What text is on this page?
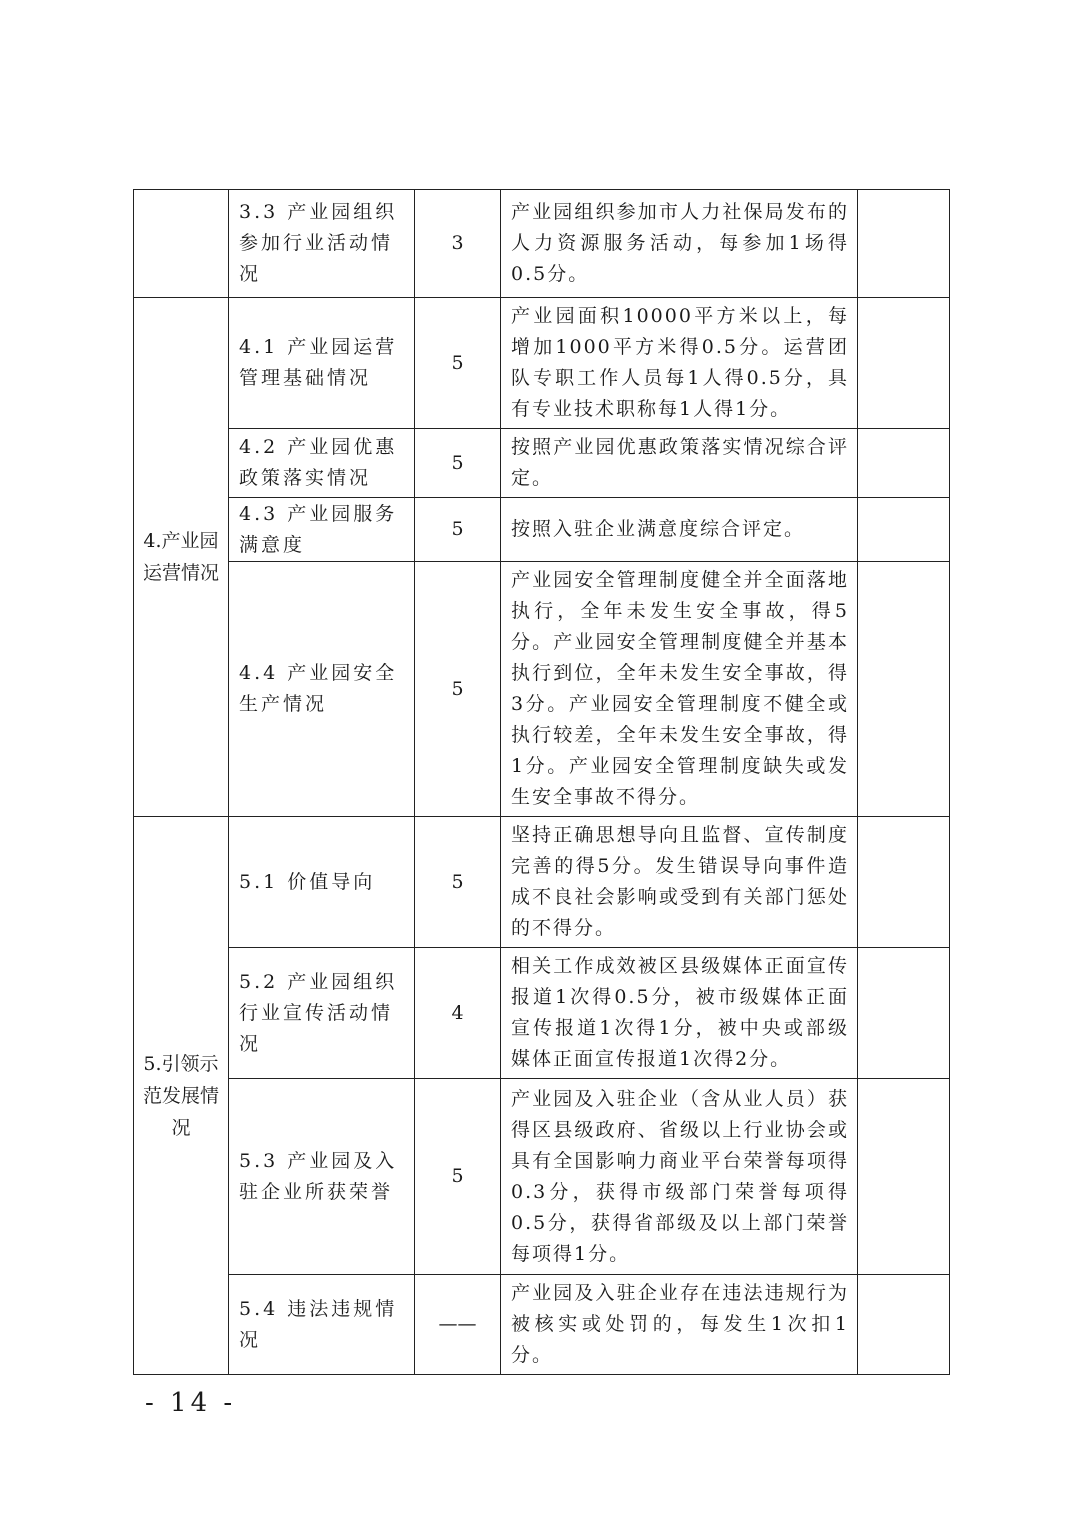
	3.3 产业园组织参加行业活动情况	3	产业园组织参加市人力社保局发布的人力资源服务活动，每参加1场得0.5分。	
4.产业园运营情况	4.1 产业园运营管理基础情况	5	产业园面积10000平方米以上，每增加1000平方米得0.5分。运营团队专职工作人员每1人得0.5分，具有专业技术职称每1人得1分。	
	4.2 产业园优惠政策落实情况	5	按照产业园优惠政策落实情况综合评定。	
	4.3 产业园服务满意度	5	按照入驻企业满意度综合评定。	
	4.4 产业园安全生产情况	5	产业园安全管理制度健全并全面落地执行，全年未发生安全事故，得5分。产业园安全管理制度健全并基本执行到位，全年未发生安全事故，得3分。产业园安全管理制度不健全或执行较差，全年未发生安全事故，得1分。产业园安全管理制度缺失或发生安全事故不得分。	
5.引领示范发展情况	5.1 价值导向	5	坚持正确思想导向且监督、宣传制度完善的得5分。发生错误导向事件造成不良社会影响或受到有关部门惩处的不得分。	
	5.2 产业园组织行业宣传活动情况	4	相关工作成效被区县级媒体正面宣传报道1次得0.5分，被市级媒体正面宣传报道1次得1分，被中央或部级媒体正面宣传报道1次得2分。	
	5.3 产业园及入驻企业所获荣誉	5	产业园及入驻企业（含从业人员）获得区县级政府、省级以上行业协会或具有全国影响力商业平台荣誉每项得0.3分，获得市级部门荣誉每项得0.5分，获得省部级及以上部门荣誉每项得1分。	
	5.4 违法违规情况	——	产业园及入驻企业存在违法违规行为被核实或处罚的，每发生1次扣1分。	
- 14 -
